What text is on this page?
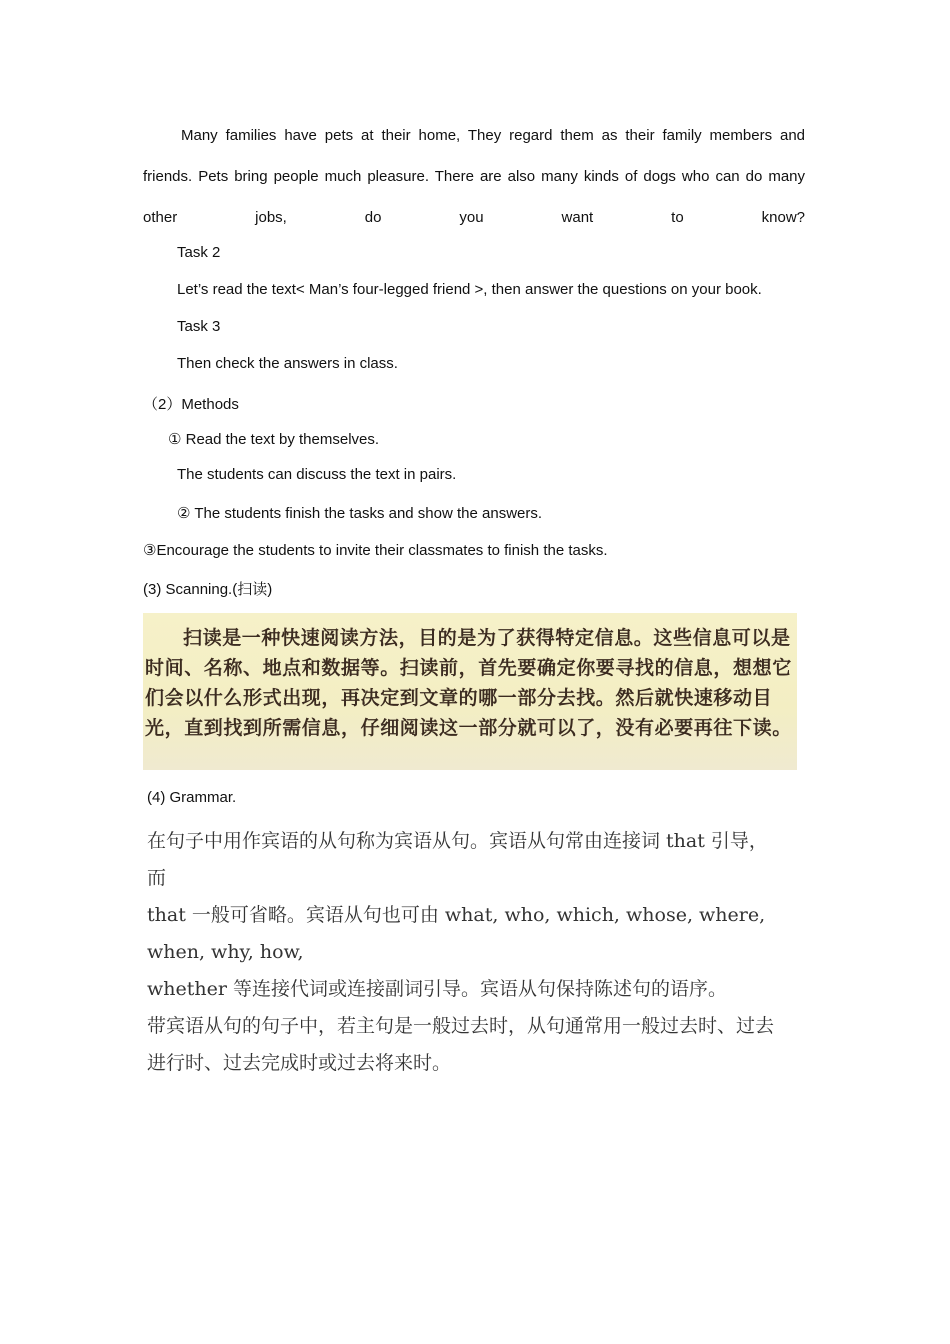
Many families have pets at their home, They regard them as their family members and friends. Pets bring people much pleasure. There are also many kinds of dogs who can do many other jobs, do you want to know?
Task 2
Let’s read the text< Man’s four-legged friend >, then answer the questions on your book.
Task 3
Then check the answers in class.
（2）Methods
① Read the text by themselves.
The students can discuss the text in pairs.
② The students finish the tasks and show the answers.
③Encourage the students to invite their classmates to finish the tasks.
(3) Scanning.(扫读)
扫读是一种快速阅读方法，目的是为了获得特定信息。这些信息可以是时间、名称、地点和数据等。扫读前，首先要确定你要寻找的信息，想想它们会以什么形式出现，再决定到文章的哪一部分去找。然后就快速移动目光，直到找到所需信息，仔细阅读这一部分就可以了，没有必要再往下读。
(4) Grammar.
在句子中用作宾语的从句称为宾语从句。宾语从句常由连接词 that 引导， 而
that 一般可省略。宾语从句也可由 what, who, which, whose, where, when, why, how,
whether 等连接代词或连接副词引导。宾语从句保持陈述句的语序。
带宾语从句的句子中，若主句是一般过去时，从句通常用一般过去时、过去
进行时、过去完成时或过去将来时。
